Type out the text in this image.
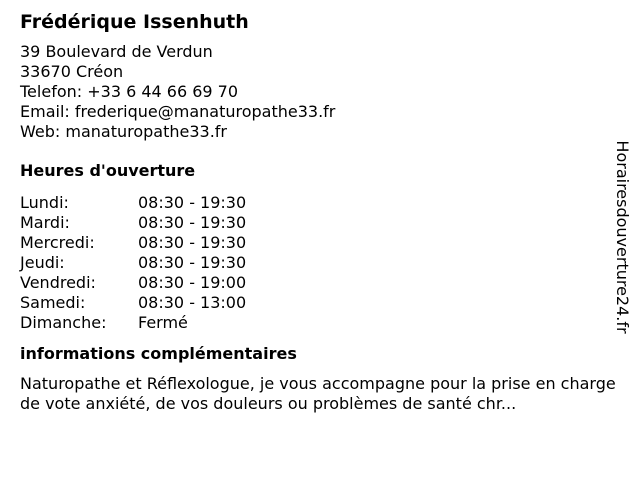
Frédérique Issenhuth
39 Boulevard de Verdun
33670 Créon
Telefon: +33 6 44 66 69 70
Email: frederique@manaturopathe33.fr
Web: manaturopathe33.fr
Heures d'ouverture
Lundi:	08:30 - 19:30
Mardi:	08:30 - 19:30
Mercredi:	08:30 - 19:30
Jeudi:	08:30 - 19:30
Vendredi:	08:30 - 19:00
Samedi:	08:30 - 13:00
Dimanche:	Fermé
informations complémentaires
Naturopathe et Réflexologue, je vous accompagne pour la prise en charge de vote anxiété, de vos douleurs ou problèmes de santé chr...
Horairesdouverture24.fr
